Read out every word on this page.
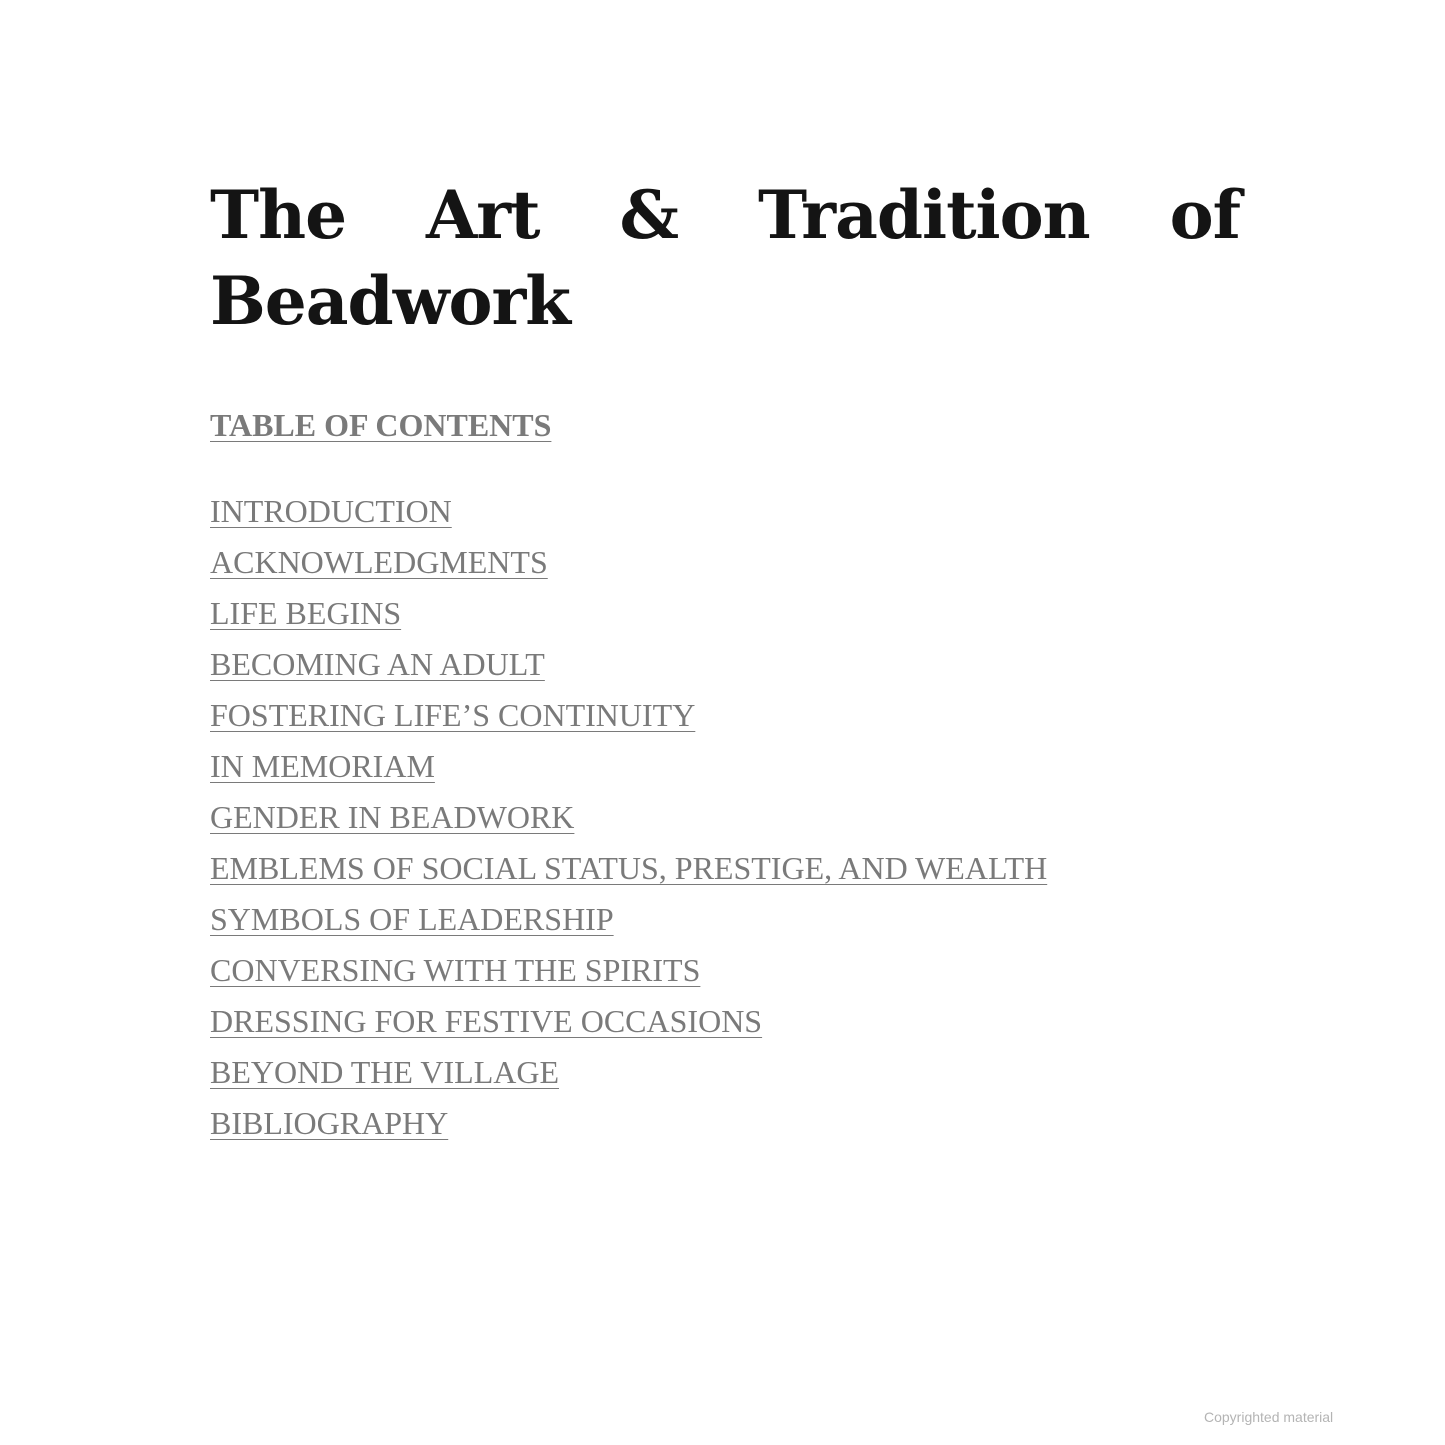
The Art & Tradition of Beadwork
TABLE OF CONTENTS
INTRODUCTION
ACKNOWLEDGMENTS
LIFE BEGINS
BECOMING AN ADULT
FOSTERING LIFE’S CONTINUITY
IN MEMORIAM
GENDER IN BEADWORK
EMBLEMS OF SOCIAL STATUS, PRESTIGE, AND WEALTH
SYMBOLS OF LEADERSHIP
CONVERSING WITH THE SPIRITS
DRESSING FOR FESTIVE OCCASIONS
BEYOND THE VILLAGE
BIBLIOGRAPHY
Copyrighted material
